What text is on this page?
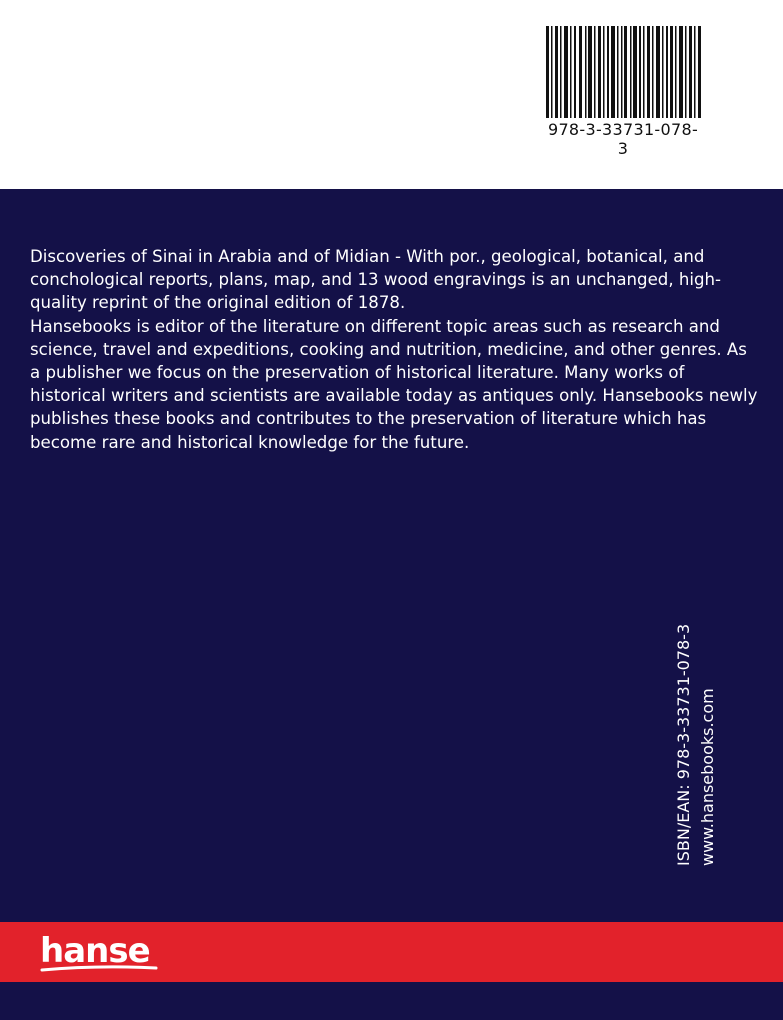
978-3-33731-078-3

Discoveries of Sinai in Arabia and of Midian - With por., geological, botanical, and conchological reports, plans, map, and 13 wood engravings is an unchanged, high-quality reprint of the original edition of 1878.

Hansebooks is editor of the literature on different topic areas such as research and science, travel and expeditions, cooking and nutrition, medicine, and other genres. As a publisher we focus on the preservation of historical literature. Many works of historical writers and scientists are available today as antiques only. Hansebooks newly publishes these books and contributes to the preservation of literature which has become rare and historical knowledge for the future.

ISBN/EAN: 978-3-33731-078-3 www.hansebooks.com
hanse
